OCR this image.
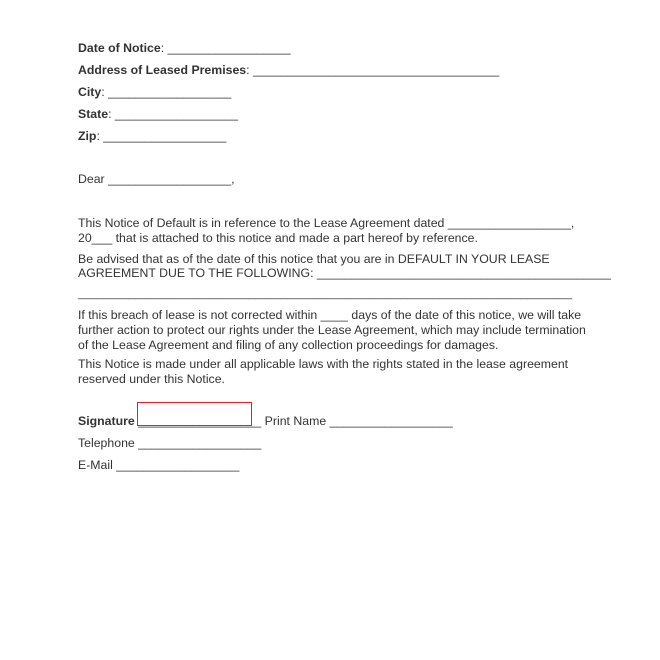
Date of Notice: __________________
Address of Leased Premises: ____________________________________
City: __________________
State: __________________
Zip: __________________
Dear __________________,
This Notice of Default is in reference to the Lease Agreement dated __________________, 20___ that is attached to this notice and made a part hereof by reference.
Be advised that as of the date of this notice that you are in DEFAULT IN YOUR LEASE
AGREEMENT DUE TO THE FOLLOWING: ___________________________________________
______________________________________________________________________________
If this breach of lease is not corrected within ____ days of the date of this notice, we will take further action to protect our rights under the Lease Agreement, which may include termination of the Lease Agreement and filing of any collection proceedings for damages.
This Notice is made under all applicable laws with the rights stated in the lease agreement reserved under this Notice.
Signature __________________ Print Name __________________
Telephone __________________
E-Mail __________________
